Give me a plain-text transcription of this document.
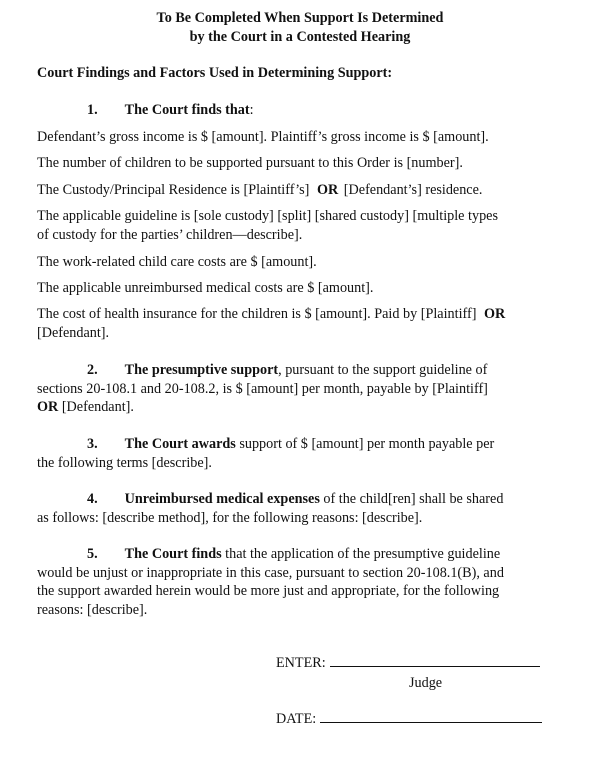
To Be Completed When Support Is Determined
by the Court in a Contested Hearing
Court Findings and Factors Used in Determining Support:
1. The Court finds that:
Defendant’s gross income is $ [amount]. Plaintiff’s gross income is $ [amount].
The number of children to be supported pursuant to this Order is [number].
The Custody/Principal Residence is [Plaintiff’s] OR [Defendant’s] residence.
The applicable guideline is [sole custody] [split] [shared custody] [multiple types
of custody for the parties’ children—describe].
The work-related child care costs are $ [amount].
The applicable unreimbursed medical costs are $ [amount].
The cost of health insurance for the children is $ [amount]. Paid by [Plaintiff] OR
[Defendant].
2. The presumptive support, pursuant to the support guideline of
sections 20-108.1 and 20-108.2, is $ [amount] per month, payable by [Plaintiff]
OR [Defendant].
3. The Court awards support of $ [amount] per month payable per
the following terms [describe].
4. Unreimbursed medical expenses of the child[ren] shall be shared
as follows: [describe method], for the following reasons: [describe].
5. The Court finds that the application of the presumptive guideline
would be unjust or inappropriate in this case, pursuant to section 20-108.1(B), and
the support awarded herein would be more just and appropriate, for the following
reasons: [describe].
ENTER:
Judge
DATE:
